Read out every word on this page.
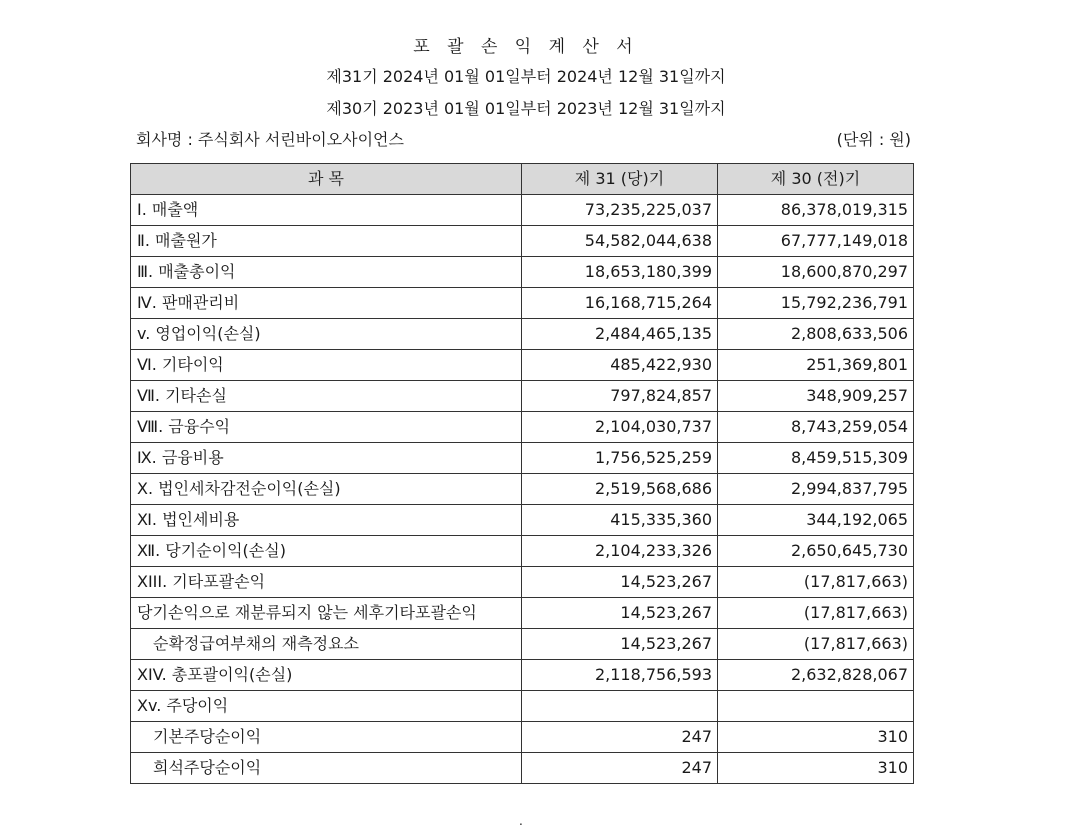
포 괄 손 익 계 산 서
제31기 2024년 01월 01일부터 2024년 12월 31일까지
제30기 2023년 01월 01일부터 2023년 12월 31일까지
회사명 : 주식회사 서린바이오사이언스	(단위 : 원)
과 목	제 31 (당)기	제 30 (전)기
Ⅰ. 매출액	73,235,225,037	86,378,019,315
Ⅱ. 매출원가	54,582,044,638	67,777,149,018
Ⅲ. 매출총이익	18,653,180,399	18,600,870,297
Ⅳ. 판매관리비	16,168,715,264	15,792,236,791
v. 영업이익(손실)	2,484,465,135	2,808,633,506
Ⅵ. 기타이익	485,422,930	251,369,801
Ⅶ. 기타손실	797,824,857	348,909,257
Ⅷ. 금융수익	2,104,030,737	8,743,259,054
Ⅸ. 금융비용	1,756,525,259	8,459,515,309
Ⅹ. 법인세차감전순이익(손실)	2,519,568,686	2,994,837,795
Ⅺ. 법인세비용	415,335,360	344,192,065
Ⅻ. 당기순이익(손실)	2,104,233,326	2,650,645,730
XIII. 기타포괄손익	14,523,267	(17,817,663)
당기손익으로 재분류되지 않는 세후기타포괄손익	14,523,267	(17,817,663)
순확정급여부채의 재측정요소	14,523,267	(17,817,663)
XIV. 총포괄이익(손실)	2,118,756,593	2,632,828,067
Xv. 주당이익		
기본주당순이익	247	310
희석주당순이익	247	310
.
